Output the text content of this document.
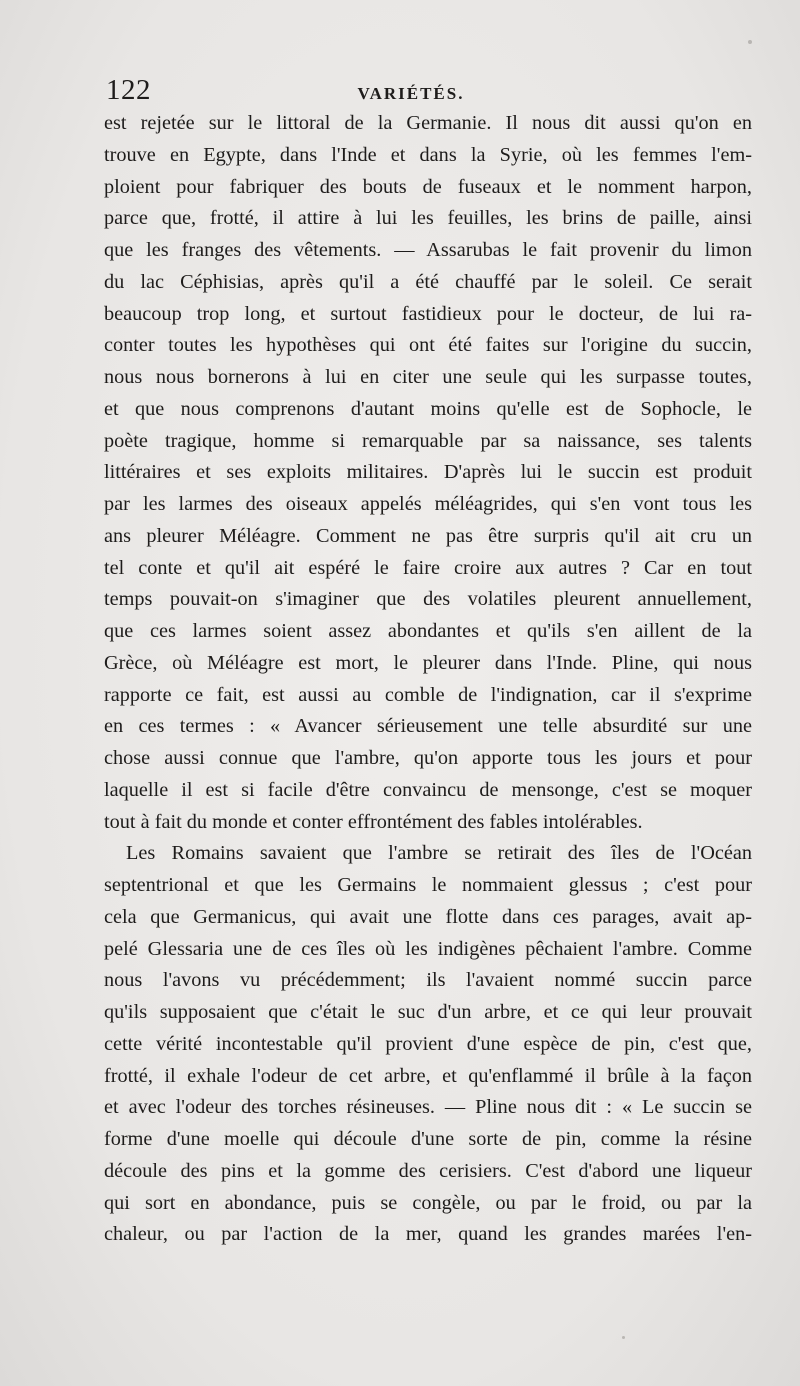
122	VARIÉTÉS.
est rejetée sur le littoral de la Germanie. Il nous dit aussi qu'on en
trouve en Egypte, dans l'Inde et dans la Syrie, où les femmes l'em-
ploient pour fabriquer des bouts de fuseaux et le nomment harpon,
parce que, frotté, il attire à lui les feuilles, les brins de paille, ainsi
que les franges des vêtements. — Assarubas le fait provenir du limon
du lac Céphisias, après qu'il a été chauffé par le soleil. Ce serait
beaucoup trop long, et surtout fastidieux pour le docteur, de lui ra-
conter toutes les hypothèses qui ont été faites sur l'origine du succin,
nous nous bornerons à lui en citer une seule qui les surpasse toutes,
et que nous comprenons d'autant moins qu'elle est de Sophocle, le
poète tragique, homme si remarquable par sa naissance, ses talents
littéraires et ses exploits militaires. D'après lui le succin est produit
par les larmes des oiseaux appelés méléagrides, qui s'en vont tous les
ans pleurer Méléagre. Comment ne pas être surpris qu'il ait cru un
tel conte et qu'il ait espéré le faire croire aux autres ? Car en tout
temps pouvait-on s'imaginer que des volatiles pleurent annuellement,
que ces larmes soient assez abondantes et qu'ils s'en aillent de la
Grèce, où Méléagre est mort, le pleurer dans l'Inde. Pline, qui nous
rapporte ce fait, est aussi au comble de l'indignation, car il s'exprime
en ces termes : « Avancer sérieusement une telle absurdité sur une
chose aussi connue que l'ambre, qu'on apporte tous les jours et pour
laquelle il est si facile d'être convaincu de mensonge, c'est se moquer
tout à fait du monde et conter effrontément des fables intolérables.
Les Romains savaient que l'ambre se retirait des îles de l'Océan
septentrional et que les Germains le nommaient glessus ; c'est pour
cela que Germanicus, qui avait une flotte dans ces parages, avait ap-
pelé Glessaria une de ces îles où les indigènes pêchaient l'ambre. Comme
nous l'avons vu précédemment; ils l'avaient nommé succin parce
qu'ils supposaient que c'était le suc d'un arbre, et ce qui leur prouvait
cette vérité incontestable qu'il provient d'une espèce de pin, c'est que,
frotté, il exhale l'odeur de cet arbre, et qu'enflammé il brûle à la façon
et avec l'odeur des torches résineuses. — Pline nous dit : « Le succin se
forme d'une moelle qui découle d'une sorte de pin, comme la résine
découle des pins et la gomme des cerisiers. C'est d'abord une liqueur
qui sort en abondance, puis se congèle, ou par le froid, ou par la
chaleur, ou par l'action de la mer, quand les grandes marées l'en-
